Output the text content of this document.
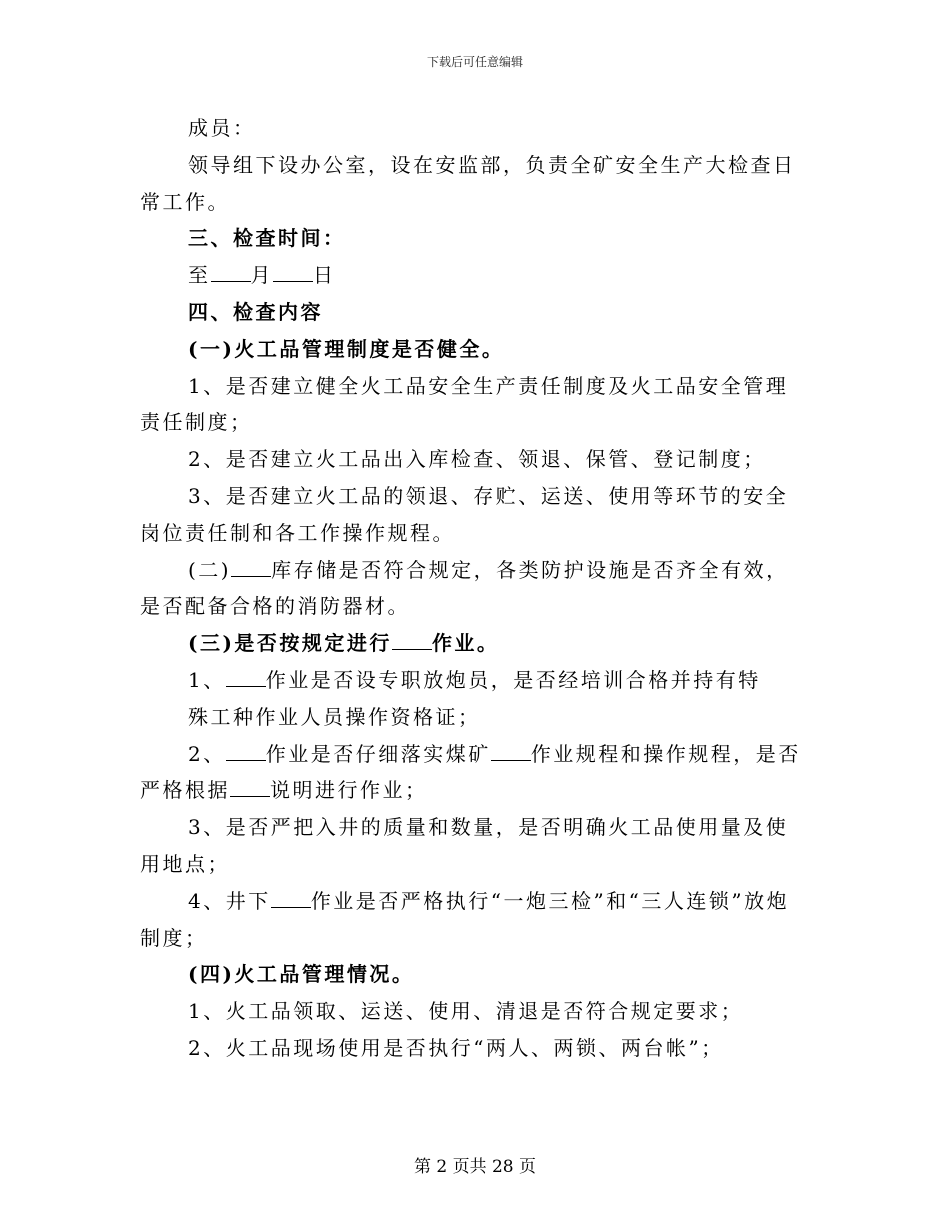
下载后可任意编辑

成员：

领导组下设办公室，设在安监部，负责全矿安全生产大检查日常工作。

三、检查时间：

至 月 日

四、检查内容

(一)火工品管理制度是否健全。

1、是否建立健全火工品安全生产责任制度及火工品安全管理责任制度；

2、是否建立火工品出入库检查、领退、保管、登记制度；

3、是否建立火工品的领退、存贮、运送、使用等环节的安全岗位责任制和各工作操作规程。

(二) 库存储是否符合规定，各类防护设施是否齐全有效，是否配备合格的消防器材。

(三)是否按规定进行 作业。

1、 作业是否设专职放炮员，是否经培训合格并持有特

殊工种作业人员操作资格证；

2、 作业是否仔细落实煤矿 作业规程和操作规程，是否严格根据 说明进行作业；

3、是否严把入井的质量和数量，是否明确火工品使用量及使用地点；

4、井下 作业是否严格执行“一炮三检”和“三人连锁”放炮制度；

(四)火工品管理情况。

1、火工品领取、运送、使用、清退是否符合规定要求；

2、火工品现场使用是否执行“两人、两锁、两台帐”；

第 2 页共 28 页
